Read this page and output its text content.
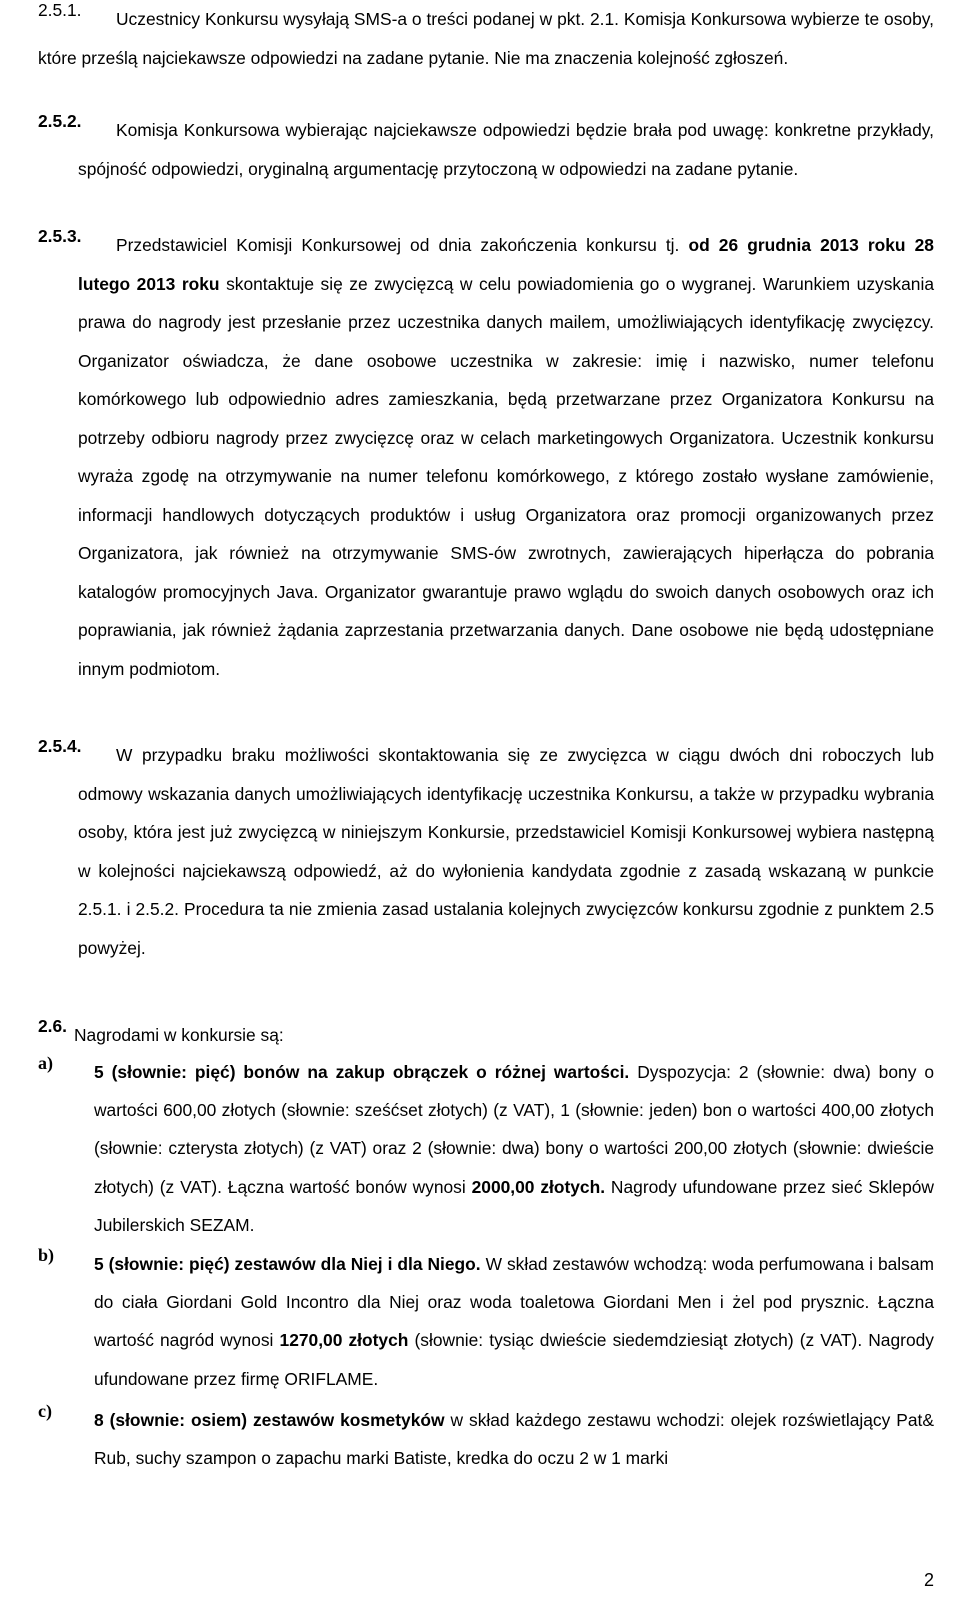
2.5.1.	Uczestnicy Konkursu wysyłają SMS-a o treści podanej w pkt. 2.1. Komisja Konkursowa wybierze te osoby, które prześlą najciekawsze odpowiedzi na zadane pytanie. Nie ma znaczenia kolejność zgłoszeń.
2.5.2.	Komisja Konkursowa wybierając najciekawsze odpowiedzi będzie brała pod uwagę: konkretne przykłady, spójność odpowiedzi, oryginalną argumentację przytoczoną w odpowiedzi na zadane pytanie.
2.5.3.	Przedstawiciel Komisji Konkursowej od dnia zakończenia konkursu tj. od 26 grudnia 2013 roku 28 lutego 2013 roku skontaktuje się ze zwycięzcą w celu powiadomienia go o wygranej. Warunkiem uzyskania prawa do nagrody jest przesłanie przez uczestnika danych mailem, umożliwiających identyfikację zwycięzcy. Organizator oświadcza, że dane osobowe uczestnika w zakresie: imię i nazwisko, numer telefonu komórkowego lub odpowiednio adres zamieszkania, będą przetwarzane przez Organizatora Konkursu na potrzeby odbioru nagrody przez zwycięzcę oraz w celach marketingowych Organizatora. Uczestnik konkursu wyraża zgodę na otrzymywanie na numer telefonu komórkowego, z którego zostało wysłane zamówienie, informacji handlowych dotyczących produktów i usług Organizatora oraz promocji organizowanych przez Organizatora, jak również na otrzymywanie SMS-ów zwrotnych, zawierających hiperłącza do pobrania katalogów promocyjnych Java. Organizator gwarantuje prawo wglądu do swoich danych osobowych oraz ich poprawiania, jak również żądania zaprzestania przetwarzania danych. Dane osobowe nie będą udostępniane innym podmiotom.
2.5.4.	W przypadku braku możliwości skontaktowania się ze zwycięzca w ciągu dwóch dni roboczych lub odmowy wskazania danych umożliwiających identyfikację uczestnika Konkursu, a także w przypadku wybrania osoby, która jest już zwycięzcą w niniejszym Konkursie, przedstawiciel Komisji Konkursowej wybiera następną w kolejności najciekawszą odpowiedź, aż do wyłonienia kandydata zgodnie z zasadą wskazaną w punkcie 2.5.1. i 2.5.2. Procedura ta nie zmienia zasad ustalania kolejnych zwycięzców konkursu zgodnie z punktem 2.5 powyżej.
2.6. Nagrodami w konkursie są:
a) 5 (słownie: pięć) bonów na zakup obrączek o różnej wartości. Dyspozycja: 2 (słownie: dwa) bony o wartości 600,00 złotych (słownie: sześćset złotych) (z VAT), 1 (słownie: jeden) bon o wartości 400,00 złotych (słownie: czterysta złotych) (z VAT) oraz 2 (słownie: dwa) bony o wartości 200,00 złotych (słownie: dwieście złotych) (z VAT). Łączna wartość bonów wynosi 2000,00 złotych. Nagrody ufundowane przez sieć Sklepów Jubilerskich SEZAM.
b) 5 (słownie: pięć) zestawów dla Niej i dla Niego. W skład zestawów wchodzą: woda perfumowana i balsam do ciała Giordani Gold Incontro dla Niej oraz woda toaletowa Giordani Men i żel pod prysznic. Łączna wartość nagród wynosi 1270,00 złotych (słownie: tysiąc dwieście siedemdziesiąt złotych) (z VAT). Nagrody ufundowane przez firmę ORIFLAME.
c) 8 (słownie: osiem) zestawów kosmetyków w skład każdego zestawu wchodzi: olejek rozświetlający Pat& Rub, suchy szampon o zapachu marki Batiste, kredka do oczu 2 w 1 marki
2
